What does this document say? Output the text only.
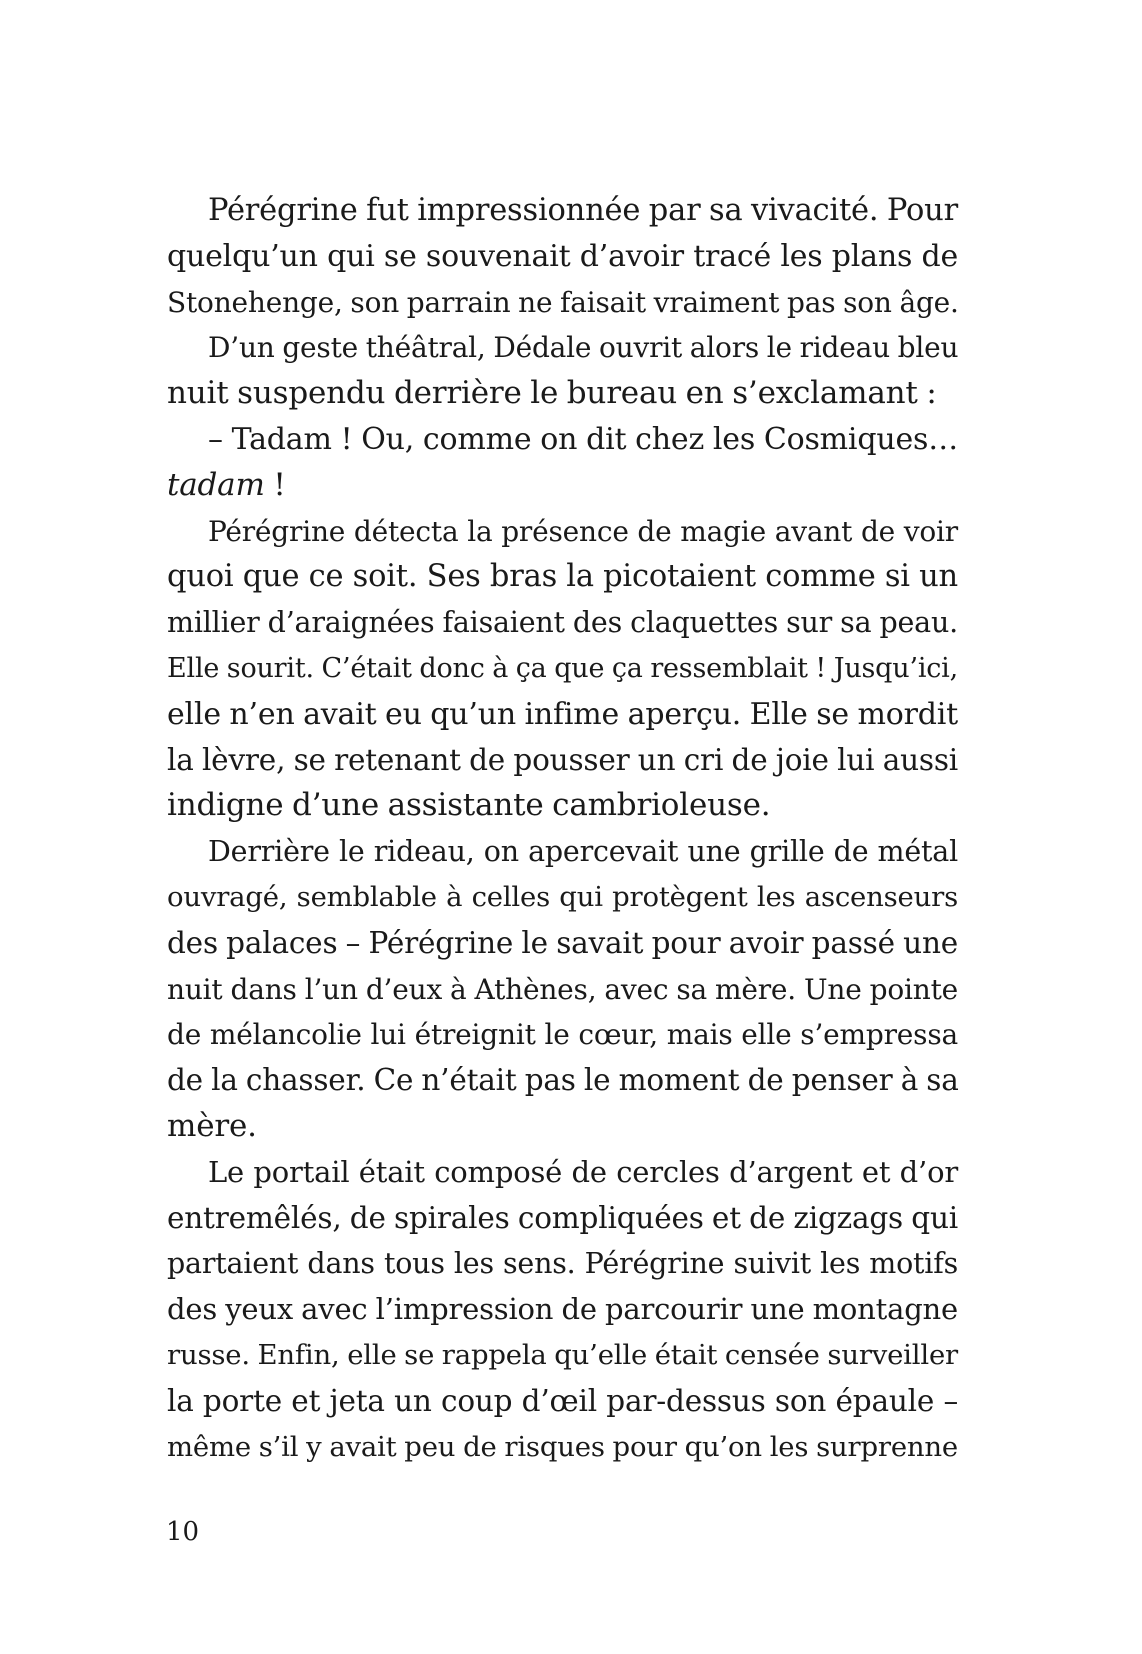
Pérégrine fut impressionnée par sa vivacité. Pour
quelqu’un qui se souvenait d’avoir tracé les plans de
Stonehenge, son parrain ne faisait vraiment pas son âge.
D’un geste théâtral, Dédale ouvrit alors le rideau bleu
nuit suspendu derrière le bureau en s’exclamant :
– Tadam ! Ou, comme on dit chez les Cosmiques…
tadam !
Pérégrine détecta la présence de magie avant de voir
quoi que ce soit. Ses bras la picotaient comme si un
millier d’araignées faisaient des claquettes sur sa peau.
Elle sourit. C’était donc à ça que ça ressemblait ! Jusqu’ici,
elle n’en avait eu qu’un infime aperçu. Elle se mordit
la lèvre, se retenant de pousser un cri de joie lui aussi
indigne d’une assistante cambrioleuse.
Derrière le rideau, on apercevait une grille de métal
ouvragé, semblable à celles qui protègent les ascenseurs
des palaces – Pérégrine le savait pour avoir passé une
nuit dans l’un d’eux à Athènes, avec sa mère. Une pointe
de mélancolie lui étreignit le cœur, mais elle s’empressa
de la chasser. Ce n’était pas le moment de penser à sa
mère.
Le portail était composé de cercles d’argent et d’or
entremêlés, de spirales compliquées et de zigzags qui
partaient dans tous les sens. Pérégrine suivit les motifs
des yeux avec l’impression de parcourir une montagne
russe. Enfin, elle se rappela qu’elle était censée surveiller
la porte et jeta un coup d’œil par-dessus son épaule –
même s’il y avait peu de risques pour qu’on les surprenne
10
